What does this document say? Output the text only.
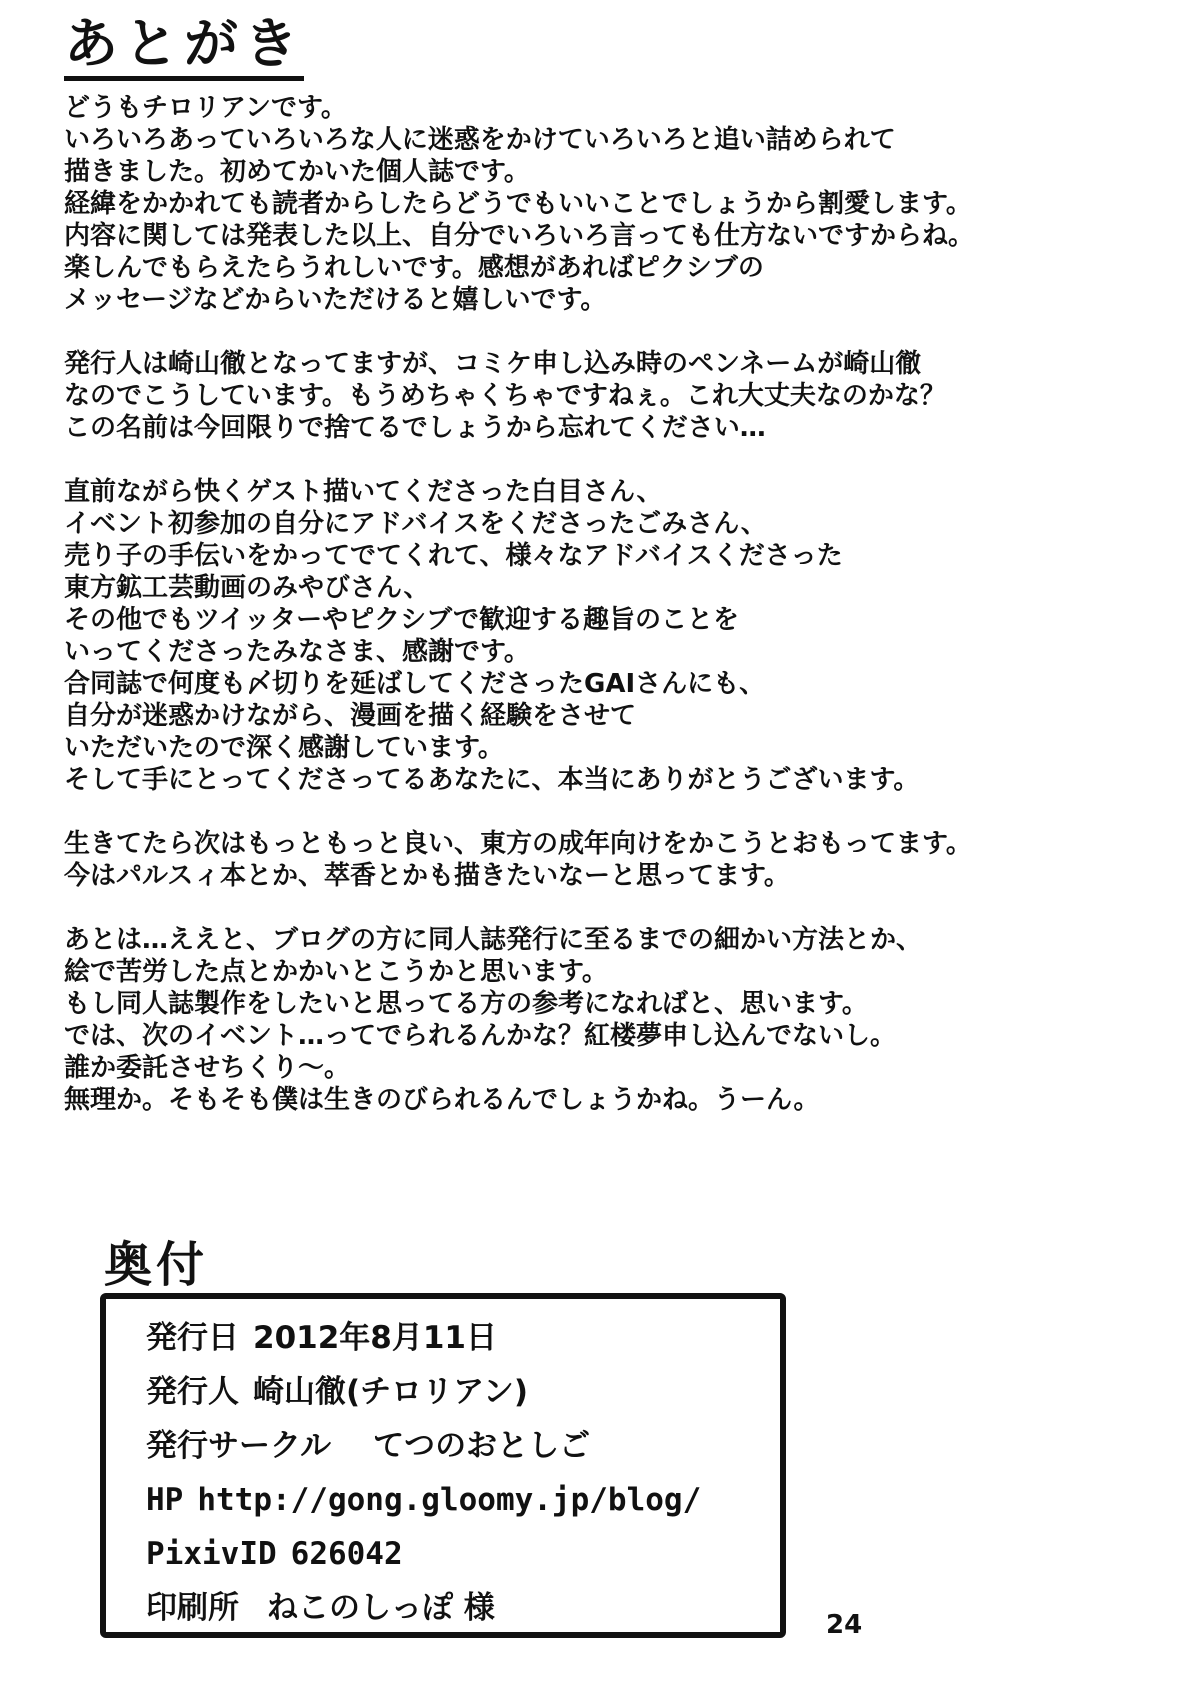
あとがき
どうもチロリアンです。
いろいろあっていろいろな人に迷惑をかけていろいろと追い詰められて
描きました。初めてかいた個人誌です。
経緯をかかれても読者からしたらどうでもいいことでしょうから割愛します。
内容に関しては発表した以上、自分でいろいろ言っても仕方ないですからね。
楽しんでもらえたらうれしいです。感想があればピクシブの
メッセージなどからいただけると嬉しいです。
発行人は崎山徹となってますが、コミケ申し込み時のペンネームが崎山徹
なのでこうしています。もうめちゃくちゃですねぇ。これ大丈夫なのかな？
この名前は今回限りで捨てるでしょうから忘れてください…
直前ながら快くゲスト描いてくださった白目さん、
イベント初参加の自分にアドバイスをくださったごみさん、
売り子の手伝いをかってでてくれて、様々なアドバイスくださった
東方鉱工芸動画のみやびさん、
その他でもツイッターやピクシブで歓迎する趣旨のことを
いってくださったみなさま、感謝です。
合同誌で何度も〆切りを延ばしてくださったGAIさんにも、
自分が迷惑かけながら、漫画を描く経験をさせて
いただいたので深く感謝しています。
そして手にとってくださってるあなたに、本当にありがとうございます。
生きてたら次はもっともっと良い、東方の成年向けをかこうとおもってます。
今はパルスィ本とか、萃香とかも描きたいなーと思ってます。
あとは…ええと、ブログの方に同人誌発行に至るまでの細かい方法とか、
絵で苦労した点とかかいとこうかと思います。
もし同人誌製作をしたいと思ってる方の参考になればと、思います。
では、次のイベント…ってでられるんかな？紅楼夢申し込んでないし。
誰か委託させちくり～。
無理か。そもそも僕は生きのびられるんでしょうかね。うーん。
奥付
発行日 2012年8月11日
発行人 崎山徹(チロリアン)
発行サークル てつのおとしご
HP http://gong.gloomy.jp/blog/
PixivID 626042
印刷所 ねこのしっぽ 様	24
